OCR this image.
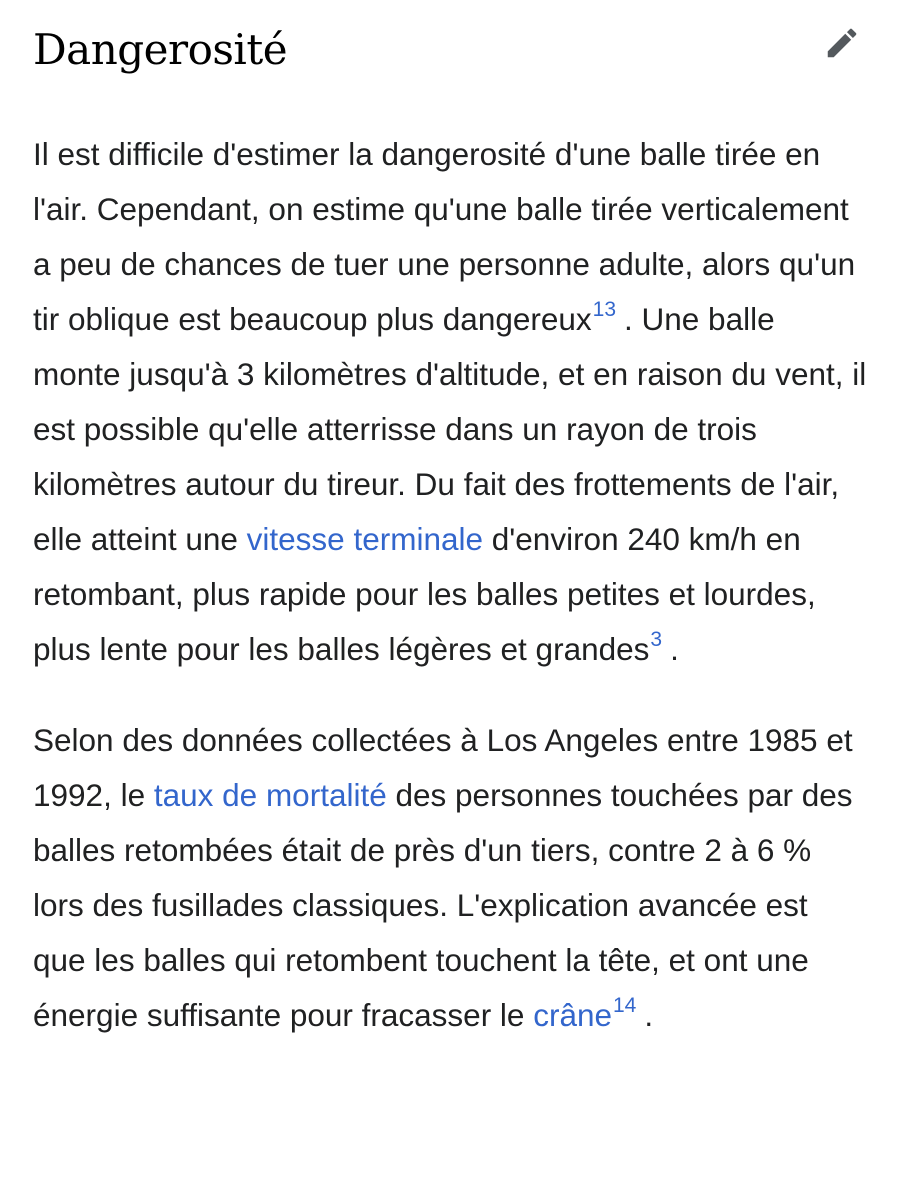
Dangerosité

Il est difficile d'estimer la dangerosité d'une balle tirée en l'air. Cependant, on estime qu'une balle tirée verticalement a peu de chances de tuer une personne adulte, alors qu'un tir oblique est beaucoup plus dangereux$^{13}$ . Une balle monte jusqu'à 3 kilomètres d'altitude, et en raison du vent, il est possible qu'elle atterrisse dans un rayon de trois kilomètres autour du tireur. Du fait des frottements de l'air, elle atteint une vitesse terminale d'environ 240 km/h en retombant, plus rapide pour les balles petites et lourdes, plus lente pour les balles légères et grandes$^3$ .

Selon des données collectées à Los Angeles entre 1985 et 1992, le taux de mortalité des personnes touchées par des balles retombées était de près d'un tiers, contre 2 à 6 % lors des fusillades classiques. L'explication avancée est que les balles qui retombent touchent la tête, et ont une énergie suffisante pour fracasser le crâne$^{14}$ .
